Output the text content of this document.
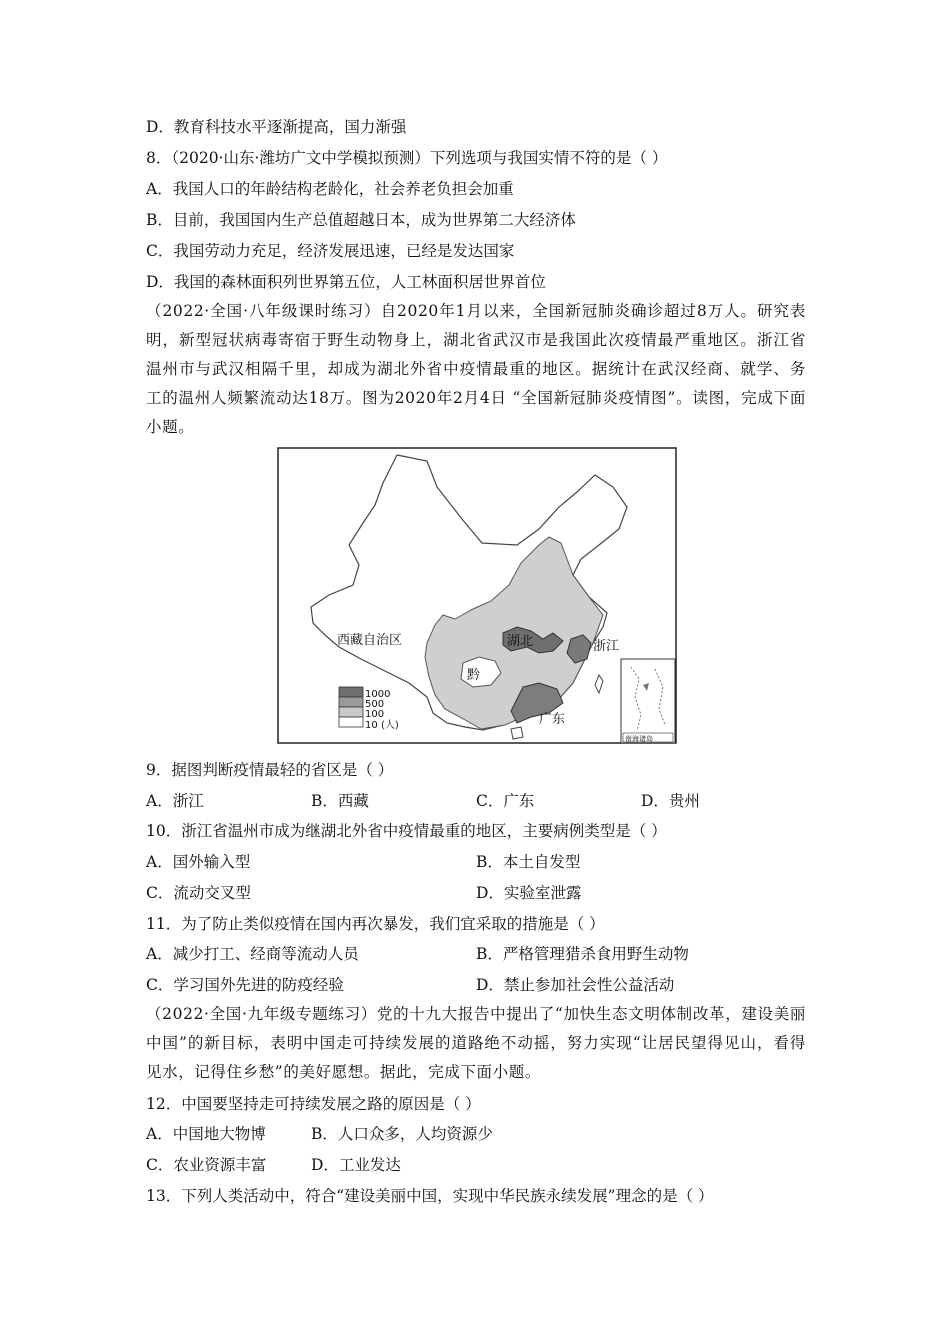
D．教育科技水平逐渐提高，国力渐强
8．（2020·山东·潍坊广文中学模拟预测）下列选项与我国实情不符的是（ ）
A．我国人口的年龄结构老龄化，社会养老负担会加重
B．目前，我国国内生产总值超越日本，成为世界第二大经济体
C．我国劳动力充足，经济发展迅速，已经是发达国家
D．我国的森林面积列世界第五位，人工林面积居世界首位
（2022·全国·八年级课时练习）自2020年1月以来，全国新冠肺炎确诊超过8万人。研究表明，新型冠状病毒寄宿于野生动物身上，湖北省武汉市是我国此次疫情最严重地区。浙江省温州市与武汉相隔千里，却成为湖北外省中疫情最重的地区。据统计在武汉经商、就学、务工的温州人频繁流动达18万。图为2020年2月4日 “全国新冠肺炎疫情图”。读图，完成下面小题。
西藏自治区	湖北	浙江
黔
广东
南海诸岛
1000
500
100
10 (人)
9．据图判断疫情最轻的省区是（ ）
A．浙江	B．西藏	C．广东	D．贵州
10．浙江省温州市成为继湖北外省中疫情最重的地区，主要病例类型是（ ）
A．国外输入型	B．本土自发型
C．流动交叉型	D．实验室泄露
11．为了防止类似疫情在国内再次暴发，我们宜采取的措施是（ ）
A．减少打工、经商等流动人员	B．严格管理猎杀食用野生动物
C．学习国外先进的防疫经验	D．禁止参加社会性公益活动
（2022·全国·九年级专题练习）党的十九大报告中提出了“加快生态文明体制改革，建设美丽中国”的新目标，表明中国走可持续发展的道路绝不动摇，努力实现“让居民望得见山，看得见水，记得住乡愁”的美好愿想。据此，完成下面小题。
12．中国要坚持走可持续发展之路的原因是（ ）
A．中国地大物博	B．人口众多，人均资源少
C．农业资源丰富	D．工业发达
13．下列人类活动中，符合“建设美丽中国，实现中华民族永续发展”理念的是（ ）
